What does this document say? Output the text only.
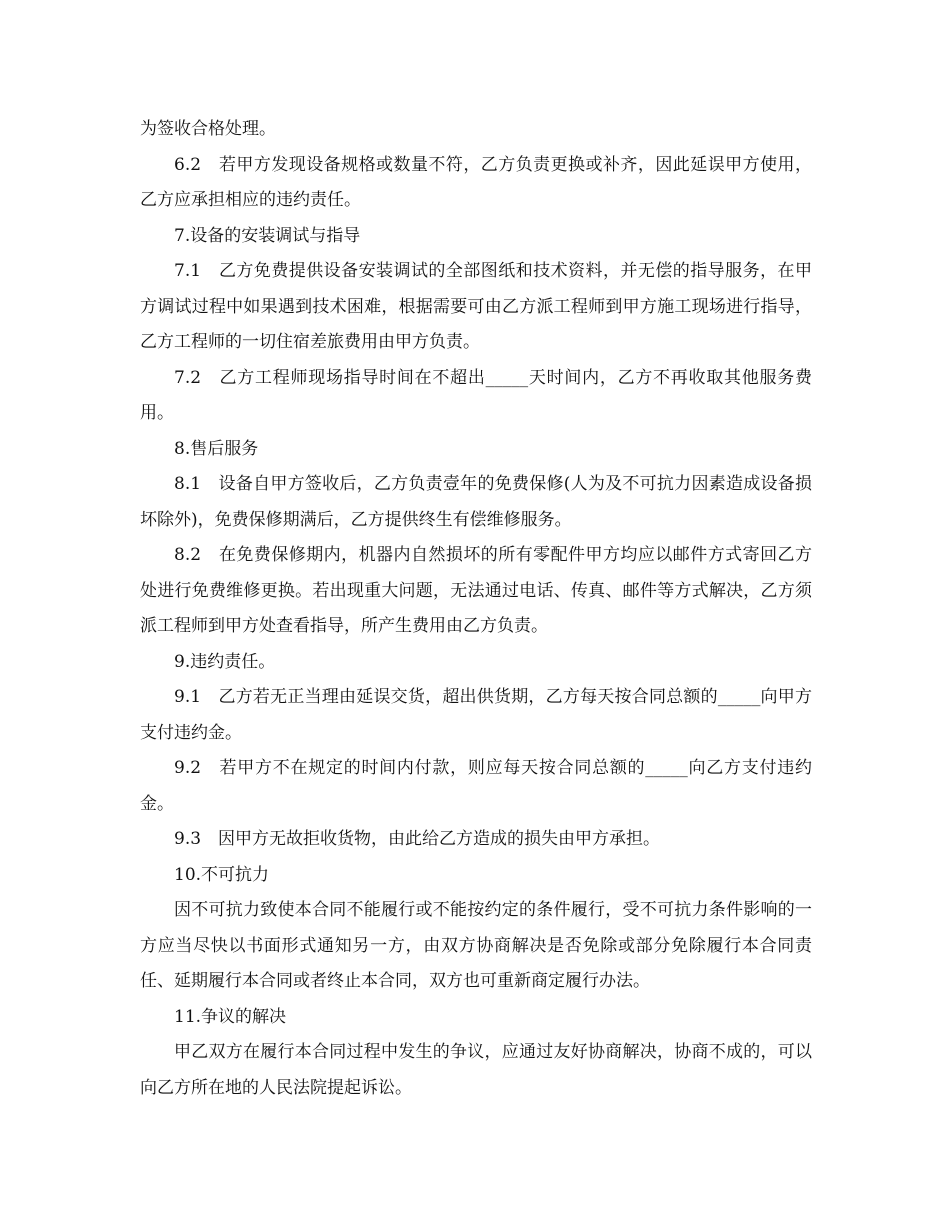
为签收合格处理。

6.2　若甲方发现设备规格或数量不符，乙方负责更换或补齐，因此延误甲方使用，乙方应承担相应的违约责任。

7.设备的安装调试与指导

7.1　乙方免费提供设备安装调试的全部图纸和技术资料，并无偿的指导服务，在甲方调试过程中如果遇到技术困难，根据需要可由乙方派工程师到甲方施工现场进行指导，乙方工程师的一切住宿差旅费用由甲方负责。

7.2　乙方工程师现场指导时间在不超出_____天时间内，乙方不再收取其他服务费用。

8.售后服务

8.1　设备自甲方签收后，乙方负责壹年的免费保修(人为及不可抗力因素造成设备损坏除外)，免费保修期满后，乙方提供终生有偿维修服务。

8.2　在免费保修期内，机器内自然损坏的所有零配件甲方均应以邮件方式寄回乙方处进行免费维修更换。若出现重大问题，无法通过电话、传真、邮件等方式解决，乙方须派工程师到甲方处查看指导，所产生费用由乙方负责。

9.违约责任。

9.1　乙方若无正当理由延误交货，超出供货期，乙方每天按合同总额的_____向甲方支付违约金。

9.2　若甲方不在规定的时间内付款，则应每天按合同总额的_____向乙方支付违约金。

9.3　因甲方无故拒收货物，由此给乙方造成的损失由甲方承担。

10.不可抗力

因不可抗力致使本合同不能履行或不能按约定的条件履行，受不可抗力条件影响的一方应当尽快以书面形式通知另一方，由双方协商解决是否免除或部分免除履行本合同责任、延期履行本合同或者终止本合同，双方也可重新商定履行办法。

11.争议的解决

甲乙双方在履行本合同过程中发生的争议，应通过友好协商解决，协商不成的，可以向乙方所在地的人民法院提起诉讼。
